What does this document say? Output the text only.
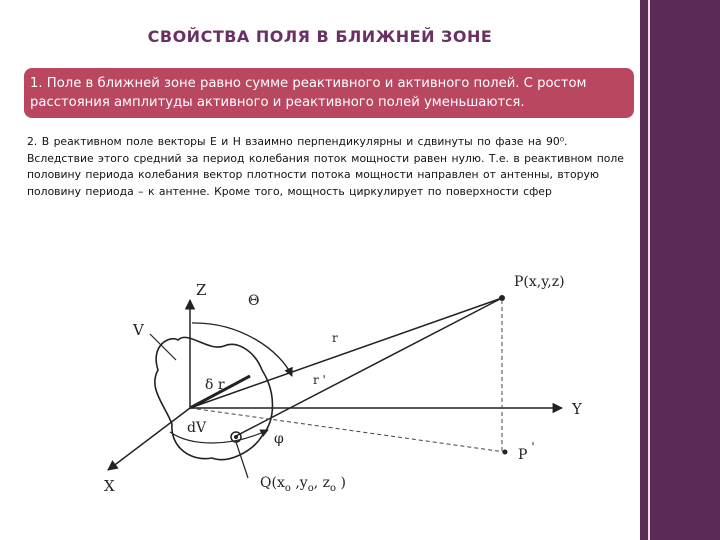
СВОЙСТВА ПОЛЯ В БЛИЖНЕЙ ЗОНЕ
1. Поле в ближней зоне равно сумме реактивного и активного полей. С ростом расстояния амплитуды активного и реактивного полей уменьшаются.

2. В реактивном поле векторы Е и Н взаимно перпендикулярны и сдвинуты по фазе на 90⁰.

Вследствие этого средний за период колебания поток мощности равен нулю. Т.е. в реактивном поле половину периода колебания вектор плотности потока мощности направлен от антенны, вторую половину периода – к антенне. Кроме того, мощность циркулирует по поверхности сфер

Z
Θ
V
P(x,y,z)
r
r '
δ r
Y
dV
φ
P '
X	$Q(x_o$ $,y_o$, $z_o$ )
